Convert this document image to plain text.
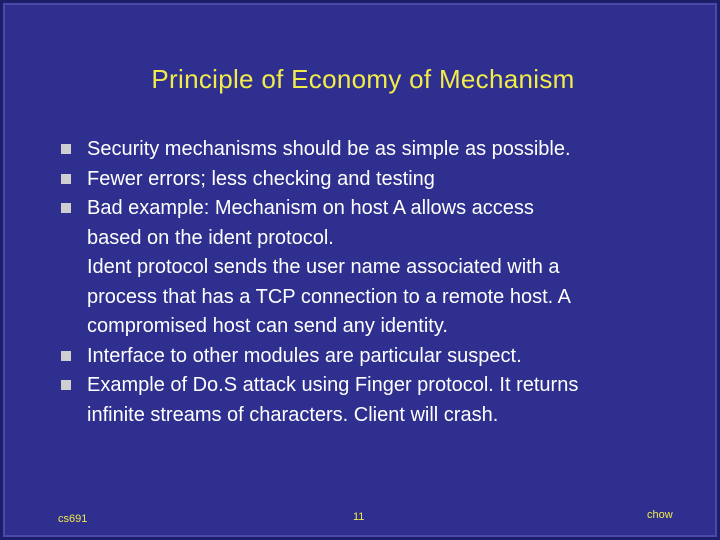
Principle of Economy of Mechanism
Security mechanisms should be as simple as possible.
Fewer errors; less checking and testing
Bad example: Mechanism on host A allows access
based on the ident protocol.
Ident protocol sends the user name associated with a
process that has a TCP connection to a remote host. A
compromised host can send any identity.
Interface to other modules are particular suspect.
Example of Do.S attack using Finger protocol. It returns
infinite streams of characters. Client will crash.
cs691	11	chow
